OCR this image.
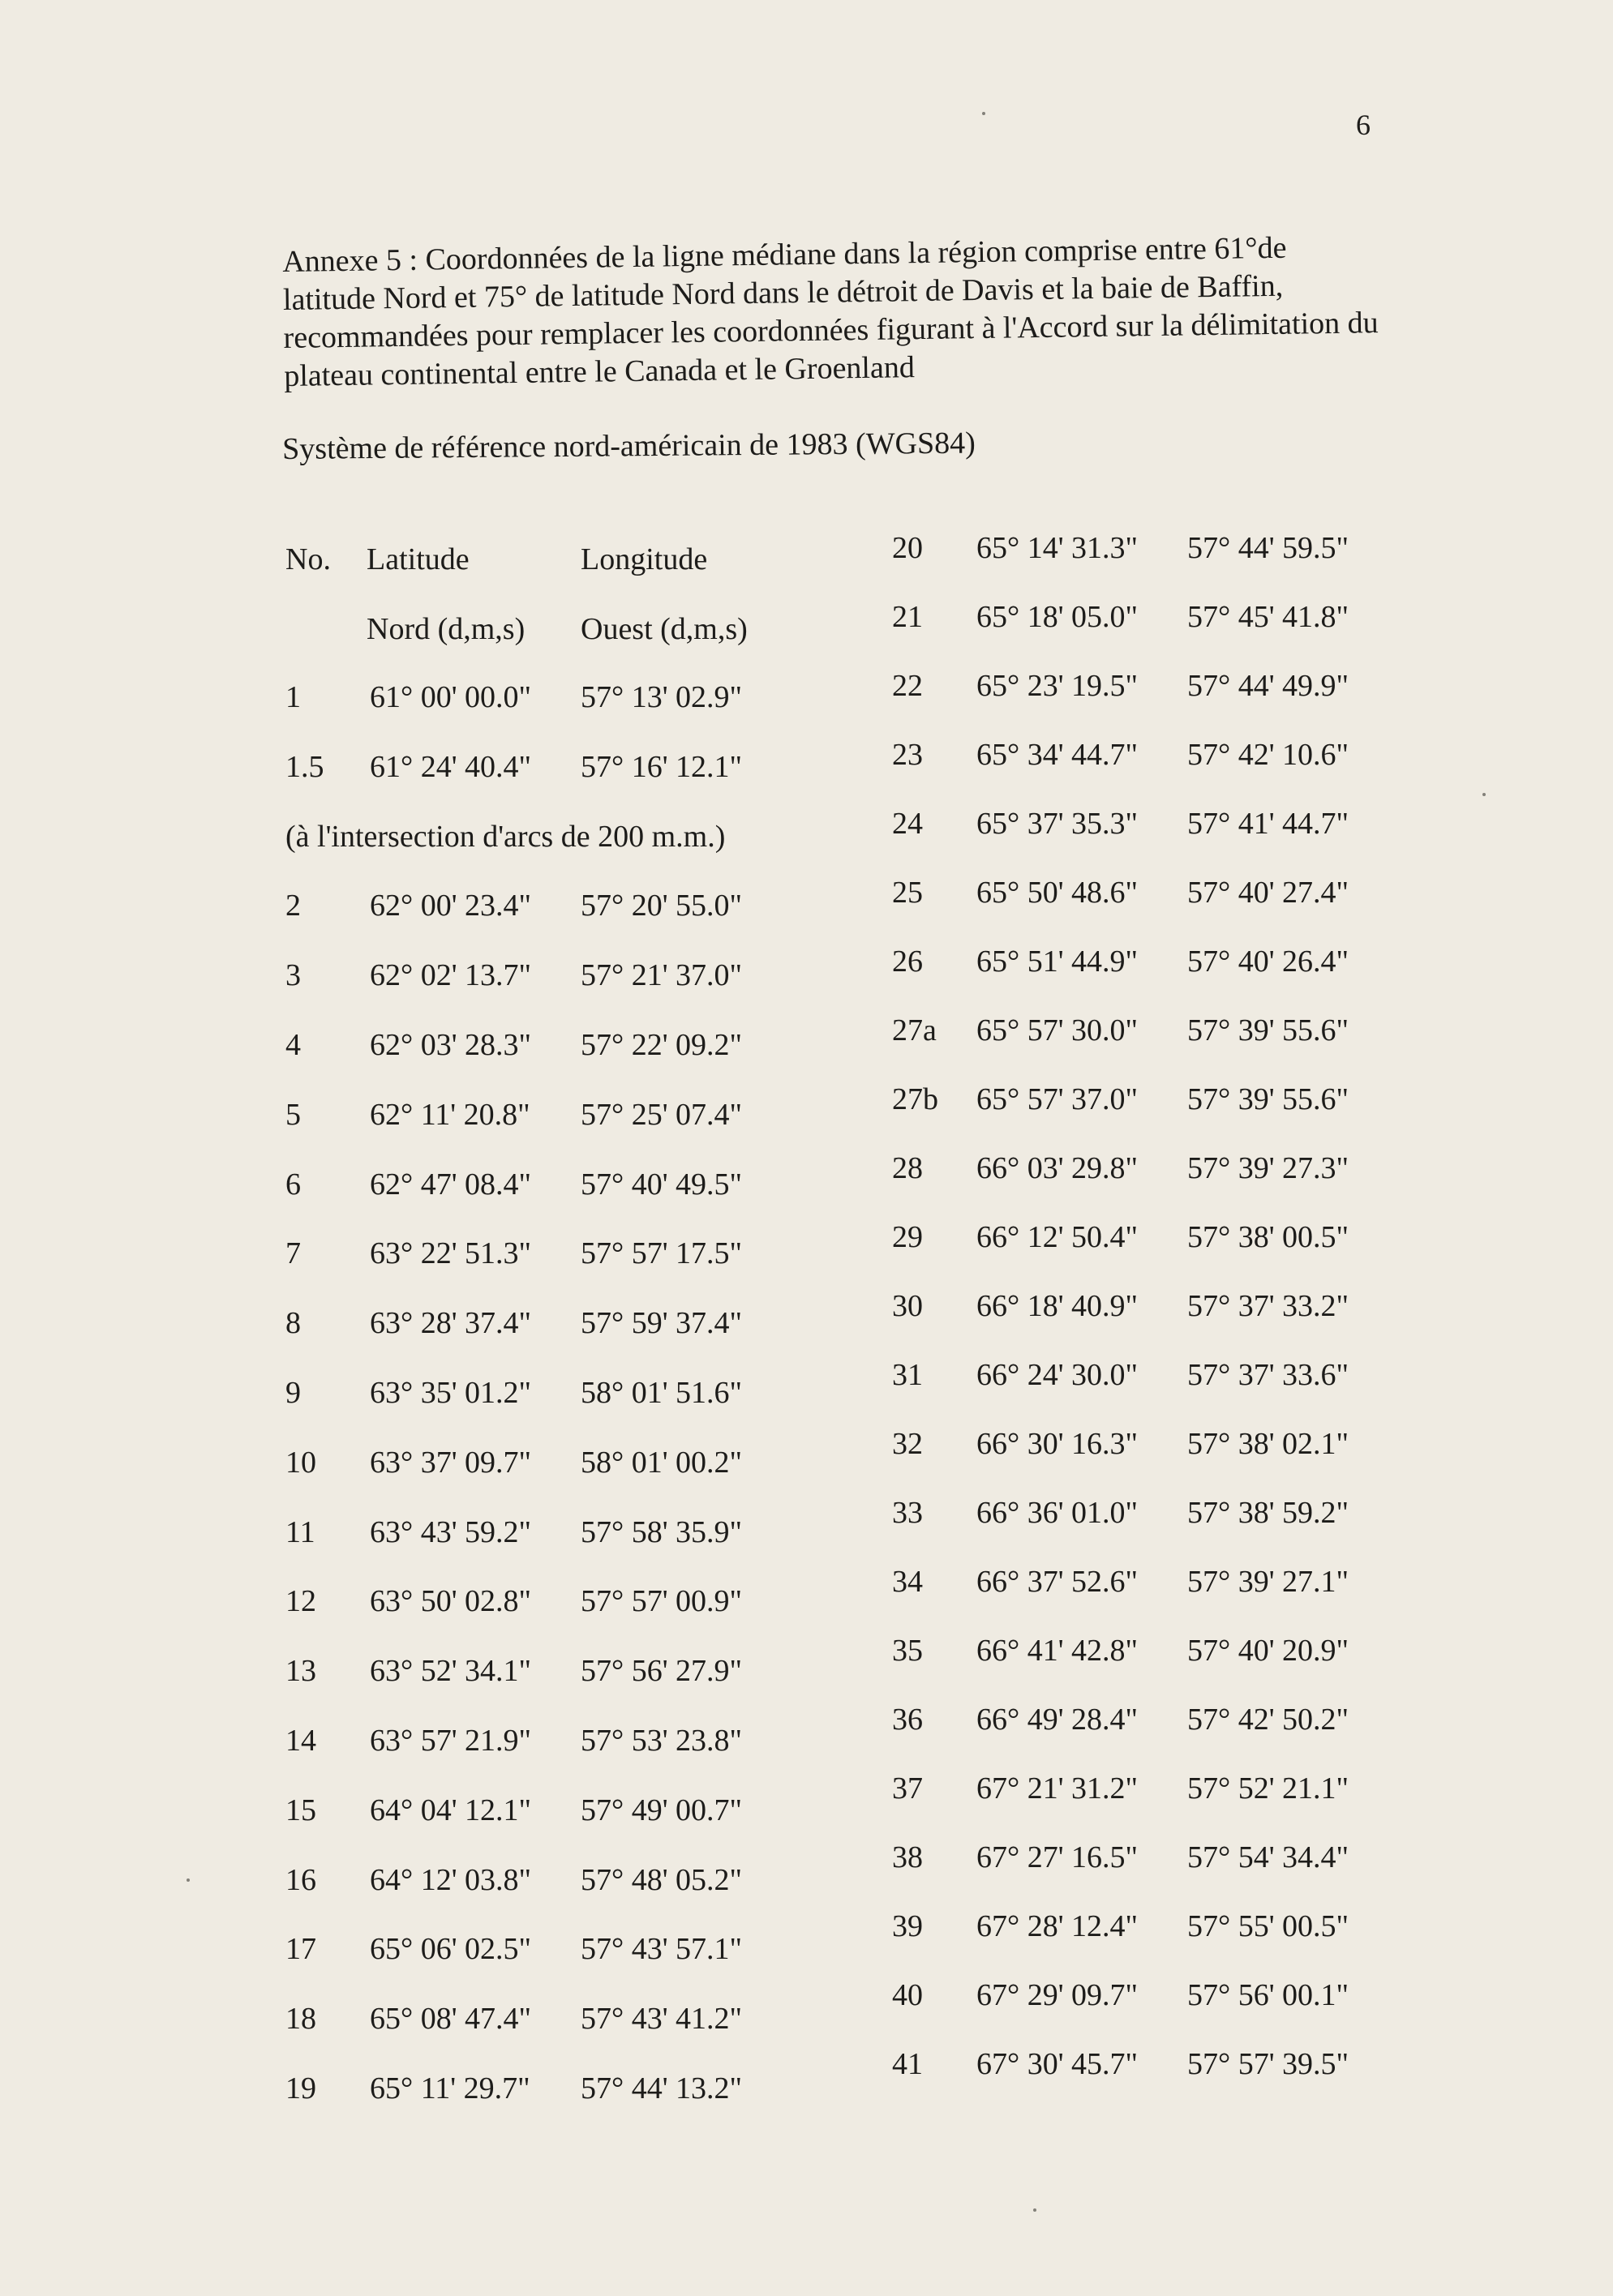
6

Annexe 5 : Coordonnées de la ligne médiane dans la région comprise entre 61°de latitude Nord et 75° de latitude Nord dans le détroit de Davis et la baie de Baffin, recommandées pour remplacer les coordonnées figurant à l'Accord sur la délimitation du plateau continental entre le Canada et le Groenland

Système de référence nord-américain de 1983 (WGS84)
No. Latitude	Longitude
Nord (d,m,s) Ouest (d,m,s)
1 61° 00' 00.0" 57° 13' 02.9"
1.5 61° 24' 40.4" 57° 16' 12.1"
(à l'intersection d'arcs de 200 m.m.)
2 62° 00' 23.4" 57° 20' 55.0"
3 62° 02' 13.7" 57° 21' 37.0"
4 62° 03' 28.3" 57° 22' 09.2"
5 62° 11' 20.8" 57° 25' 07.4"
6 62° 47' 08.4" 57° 40' 49.5"
7 63° 22' 51.3" 57° 57' 17.5"
8 63° 28' 37.4" 57° 59' 37.4"
9 63° 35' 01.2" 58° 01' 51.6"
10 63° 37' 09.7" 58° 01' 00.2"
11 63° 43' 59.2" 57° 58' 35.9"
12 63° 50' 02.8" 57° 57' 00.9"
13 63° 52' 34.1" 57° 56' 27.9"
14 63° 57' 21.9" 57° 53' 23.8"
15 64° 04' 12.1" 57° 49' 00.7"
16 64° 12' 03.8" 57° 48' 05.2"
17 65° 06' 02.5" 57° 43' 57.1"
18 65° 08' 47.4" 57° 43' 41.2"
19 65° 11' 29.7" 57° 44' 13.2"
20 65° 14' 31.3" 57° 44' 59.5"
21 65° 18' 05.0" 57° 45' 41.8"
22 65° 23' 19.5" 57° 44' 49.9"
23 65° 34' 44.7" 57° 42' 10.6"
24 65° 37' 35.3" 57° 41' 44.7"
25 65° 50' 48.6" 57° 40' 27.4"
26 65° 51' 44.9" 57° 40' 26.4"
27a 65° 57' 30.0" 57° 39' 55.6"
27b 65° 57' 37.0" 57° 39' 55.6"
28 66° 03' 29.8" 57° 39' 27.3"
29 66° 12' 50.4" 57° 38' 00.5"
30 66° 18' 40.9" 57° 37' 33.2"
31 66° 24' 30.0" 57° 37' 33.6"
32 66° 30' 16.3" 57° 38' 02.1"
33 66° 36' 01.0" 57° 38' 59.2"
34 66° 37' 52.6" 57° 39' 27.1"
35 66° 41' 42.8" 57° 40' 20.9"
36 66° 49' 28.4" 57° 42' 50.2"
37 67° 21' 31.2" 57° 52' 21.1"
38 67° 27' 16.5" 57° 54' 34.4"
39 67° 28' 12.4" 57° 55' 00.5"
40 67° 29' 09.7" 57° 56' 00.1"
41 67° 30' 45.7" 57° 57' 39.5"
